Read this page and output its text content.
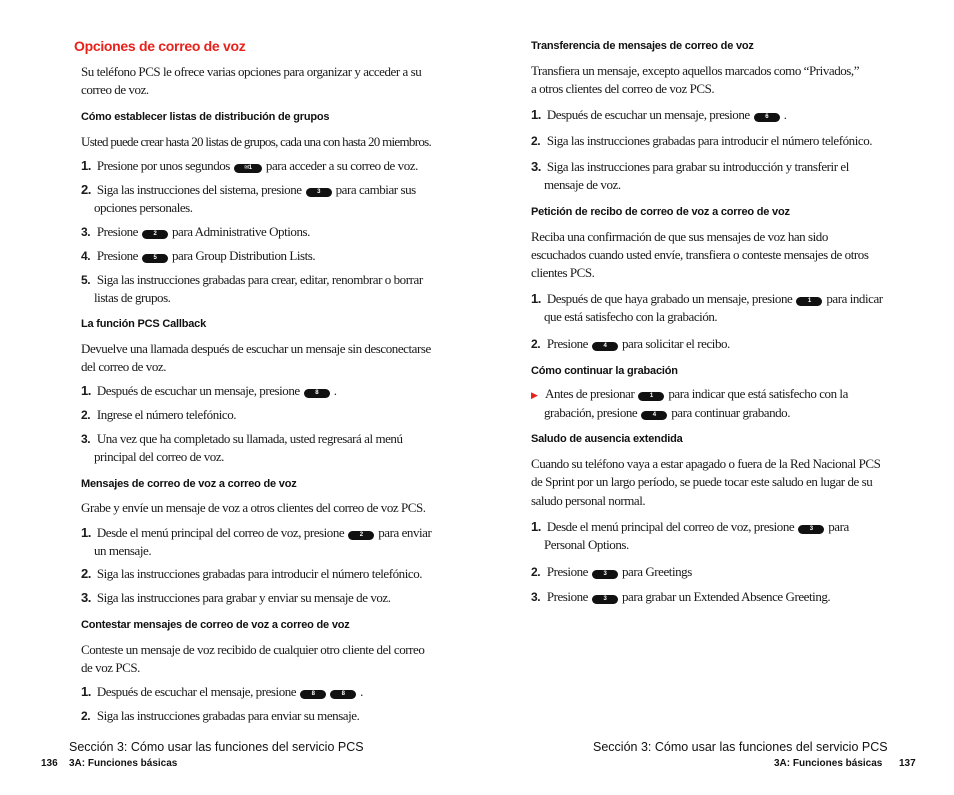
Opciones de correo de voz
Su teléfono PCS le ofrece varias opciones para organizar y acceder a su
correo de voz.
Cómo establecer listas de distribución de grupos
Usted puede crear hasta 20 listas de grupos, cada una con hasta 20 miembros.
1. Presione por unos segundos ✉1 para acceder a su correo de voz.
2. Siga las instrucciones del sistema, presione	3 para cambiar sus
opciones personales.
3. Presione	2 para Administrative Options.
4. Presione	5 para Group Distribution Lists.
5. Siga las instrucciones grabadas para crear, editar, renombrar o borrar
listas de grupos.
La función PCS Callback
Devuelve una llamada después de escuchar un mensaje sin desconectarse
del correo de voz.
1. Después de escuchar un mensaje, presione	8 .
2. Ingrese el número telefónico.
3. Una vez que ha completado su llamada, usted regresará al menú
principal del correo de voz.
Mensajes de correo de voz a correo de voz
Grabe y envíe un mensaje de voz a otros clientes del correo de voz PCS.
1. Desde el menú principal del correo de voz, presione	2 para enviar
un mensaje.
2. Siga las instrucciones grabadas para introducir el número telefónico.
3. Siga las instrucciones para grabar y enviar su mensaje de voz.
Contestar mensajes de correo de voz a correo de voz
Conteste un mensaje de voz recibido de cualquier otro cliente del correo
de voz PCS.
1. Después de escuchar el mensaje, presione	8	8 .
2. Siga las instrucciones grabadas para enviar su mensaje.
Sección 3: Cómo usar las funciones del servicio PCS
136 3A: Funciones básicas
Transferencia de mensajes de correo de voz
Transfiera un mensaje, excepto aquellos marcados como “Privados,”
a otros clientes del correo de voz PCS.
1. Después de escuchar un mensaje, presione	6 .
2. Siga las instrucciones grabadas para introducir el número telefónico.
3. Siga las instrucciones para grabar su introducción y transferir el
mensaje de voz.
Petición de recibo de correo de voz a correo de voz
Reciba una confirmación de que sus mensajes de voz han sido
escuchados cuando usted envíe, transfiera o conteste mensajes de otros
clientes PCS.
1. Después de que haya grabado un mensaje, presione	1 para indicar
que está satisfecho con la grabación.
2. Presione	4 para solicitar el recibo.
Cómo continuar la grabación
▶ Antes de presionar	1 para indicar que está satisfecho con la
grabación, presione	4 para continuar grabando.
Saludo de ausencia extendida
Cuando su teléfono vaya a estar apagado o fuera de la Red Nacional PCS
de Sprint por un largo período, se puede tocar este saludo en lugar de su
saludo personal normal.
1. Desde el menú principal del correo de voz, presione	3 para
Personal Options.
2. Presione	3 para Greetings
3. Presione	3 para grabar un Extended Absence Greeting.
Sección 3: Cómo usar las funciones del servicio PCS
3A: Funciones básicas 137
